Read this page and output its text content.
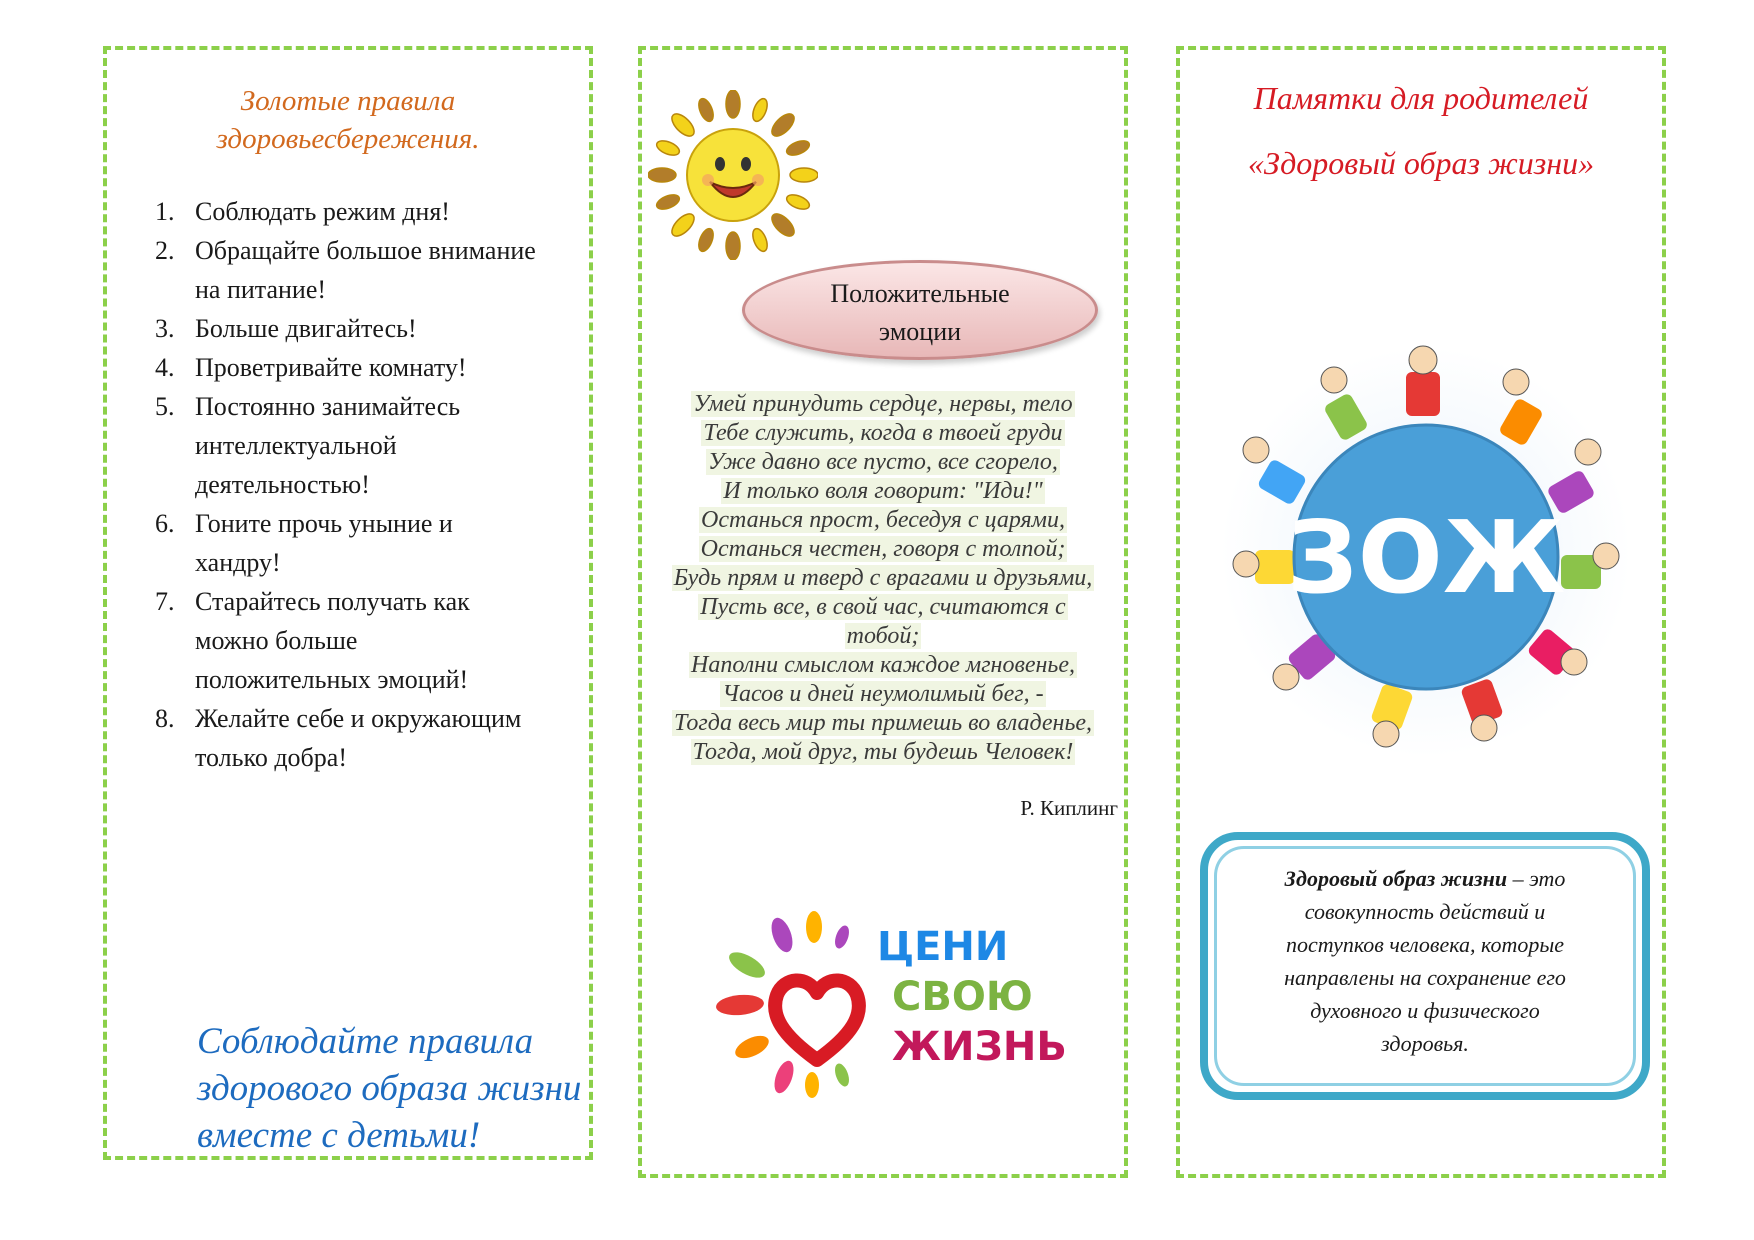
Золотые правила
здоровьесбережения.
1. Соблюдать режим дня!
2. Обращайте большое внимание
на питание!
3. Больше двигайтесь!
4. Проветривайте комнату!
5. Постоянно занимайтесь
интеллектуальной
деятельностью!
6. Гоните прочь уныние и
хандру!
7. Старайтесь получать как
можно больше
положительных эмоций!
8. Желайте себе и окружающим
только добра!
Соблюдайте правила
здорового образа жизни
вместе с детьми!
Положительные
эмоции
Умей принудить сердце, нервы, тело
Тебе служить, когда в твоей груди
Уже давно все пусто, все сгорело,
И только воля говорит: "Иди!"
Останься прост, беседуя с царями,
Останься честен, говоря с толпой;
Будь прям и тверд с врагами и друзьями,
Пусть все, в свой час, считаются с
тобой;
Наполни смыслом каждое мгновенье,
Часов и дней неумолимый бег, -
Тогда весь мир ты примешь во владенье,
Тогда, мой друг, ты будешь Человек!
Р. Киплинг
ЦЕНИ
СВОЮ
ЖИЗНЬ
Памятки для родителей
«Здоровый образ жизни»
ЗОЖ
Здоровый образ жизни – это
совокупность действий и
поступков человека, которые
направлены на сохранение его
духовного и физического
здоровья.
